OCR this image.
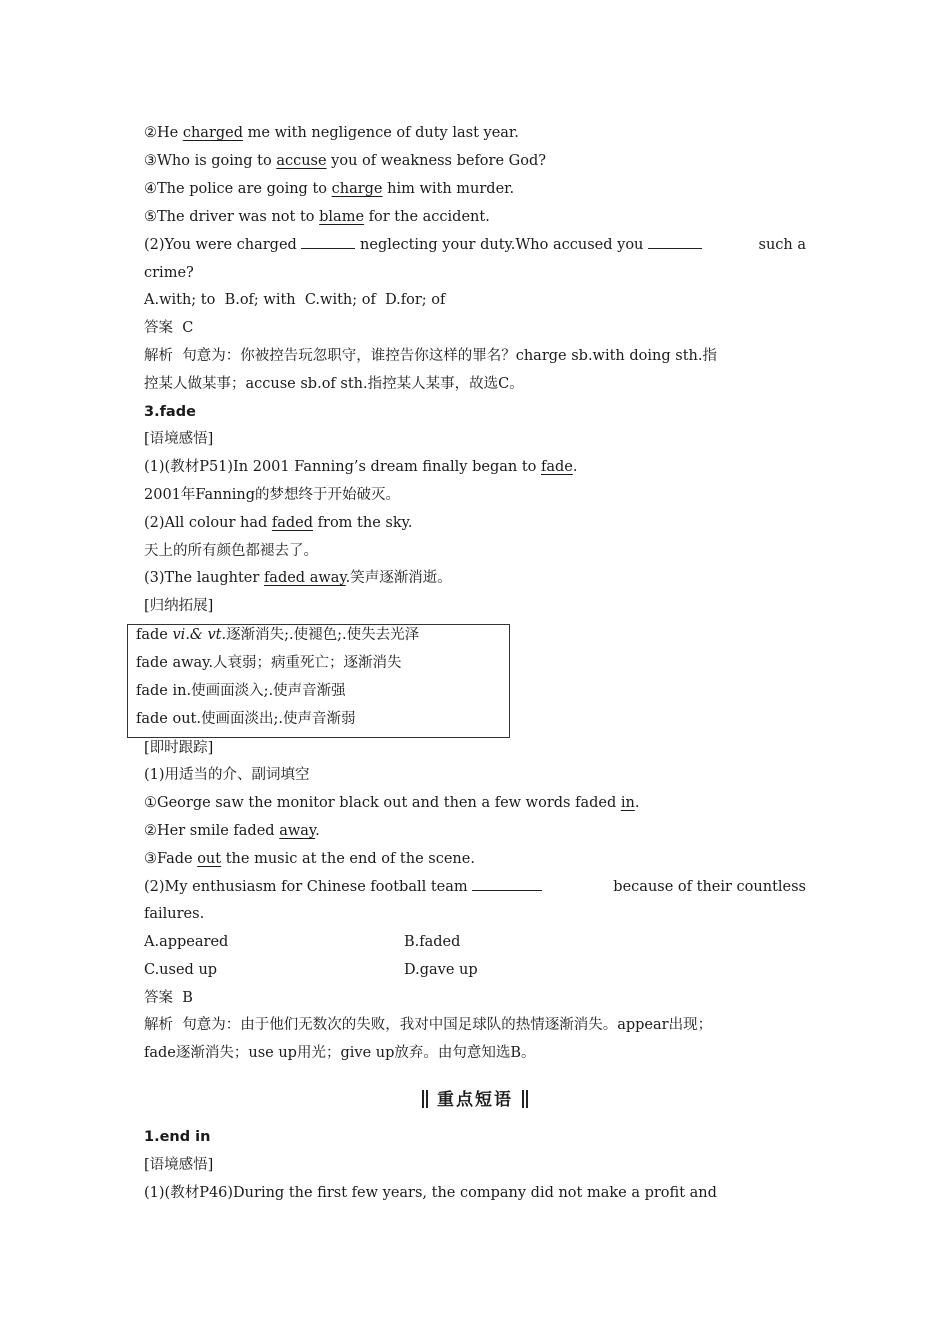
②He charged me with negligence of duty last year.
③Who is going to accuse you of weakness before God?
④The police are going to charge him with murder.
⑤The driver was not to blame for the accident.
(2)You were charged	neglecting your duty.Who accused you	such a
crime?
A.with; to  B.of; with  C.with; of  D.for; of
答案  C
解析  句意为：你被控告玩忽职守，谁控告你这样的罪名？charge sb.with doing sth.指
控某人做某事；accuse sb.of sth.指控某人某事，故选C。
3.fade
[语境感悟]
(1)(教材P51)In 2001 Fanning’s dream finally began to fade.
2001年Fanning的梦想终于开始破灭。
(2)All colour had faded from the sky.
天上的所有颜色都褪去了。
(3)The laughter faded away.笑声逐渐消逝。
[归纳拓展]
fade vi.& vt.逐渐消失;.使褪色;.使失去光泽
fade away.人衰弱；病重死亡；逐渐消失
fade in.使画面淡入;.使声音渐强
fade out.使画面淡出;.使声音渐弱
[即时跟踪]
(1)用适当的介、副词填空
①George saw the monitor black out and then a few words faded in.
②Her smile faded away.
③Fade out the music at the end of the scene.
(2)My enthusiasm for Chinese football team	because of their countless
failures.
A.appeared	B.faded
C.used up	D.gave up
答案  B
解析  句意为：由于他们无数次的失败，我对中国足球队的热情逐渐消失。appear出现；
fade逐渐消失；use up用光；give up放弃。由句意知选B。
重点短语
1.end in
[语境感悟]
(1)(教材P46)During the first few years, the company did not make a profit and
